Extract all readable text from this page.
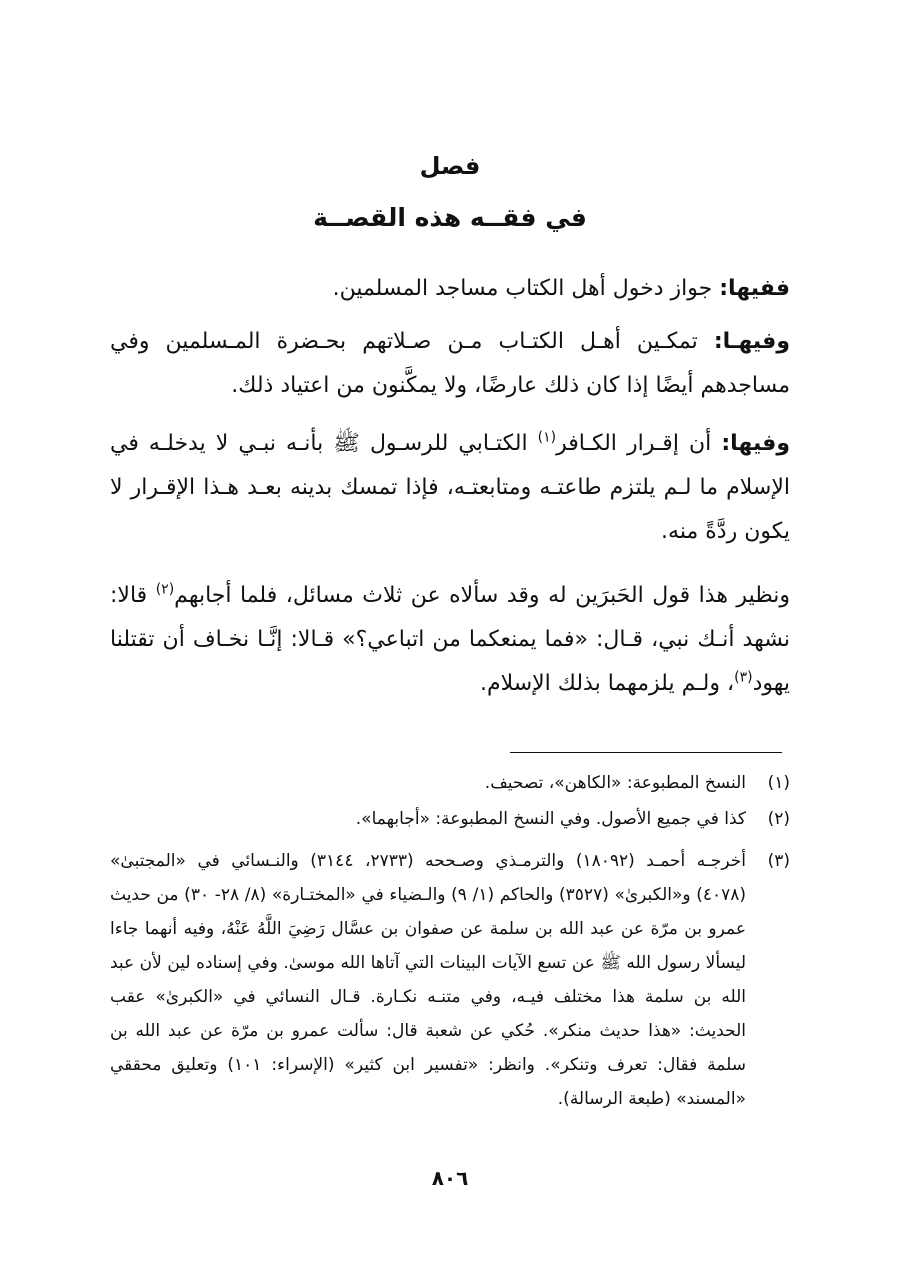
فصل
في فقــه هذه القصــة

ففيها: جواز دخول أهل الكتاب مساجد المسلمين.

وفيهـا: تمكـين أهـل الكتـاب مـن صـلاتهم بحـضرة المـسلمين وفي مساجدهم أيضًا إذا كان ذلك عارضًا، ولا يمكَّنون من اعتياد ذلك.

وفيها: أن إقـرار الكـافر$^{(١)}$ الكتـابي للرسـول ﷺ بأنـه نبـي لا يدخلـه في الإسلام ما لـم يلتزم طاعتـه ومتابعتـه، فإذا تمسك بدينه بعـد هـذا الإقـرار لا يكون ردَّةً منه.

ونظير هذا قول الحَبرَين له وقد سألاه عن ثلاث مسائل، فلما أجابهم$^{(٢)}$ قالا: نشهد أنـك نبي، قـال: «فما يمنعكما من اتباعي؟» قـالا: إنَّـا نخـاف أن تقتلنا يهود$^{(٣)}$، ولـم يلزمهما بذلك الإسلام.

(١)
النسخ المطبوعة: «الكاهن»، تصحيف.
(٢)
كذا في جميع الأصول. وفي النسخ المطبوعة: «أجابهما».
(٣)
أخرجـه أحمـد (١٨٠٩٢) والترمـذي وصـححه (٢٧٣٣، ٣١٤٤) والنـسائي في «المجتبىٰ» (٤٠٧٨) و«الكبرىٰ» (٣٥٢٧) والحاكم (١/ ٩) والـضياء في «المختـارة» (٨/ ٢٨- ٣٠) من حديث عمرو بن مرّة عن عبد الله بن سلمة عن صفوان بن عسَّال رَضِيَ اللَّهُ عَنْهُ، وفيه أنهما جاءا ليسألا رسول الله ﷺ عن تسع الآيات البينات التي آتاها الله موسىٰ. وفي إسناده لين لأن عبد الله بن سلمة هذا مختلف فيـه، وفي متنـه نكـارة. قـال النسائي في «الكبرىٰ» عقب الحديث: «هذا حديث منكر». حُكي عن شعبة قال: سألت عمرو بن مرّة عن عبد الله بن سلمة فقال: تعرف وتنكر». وانظر: «تفسير ابن كثير» (الإسراء: ١٠١) وتعليق محققي «المسند» (طبعة الرسالة).
٨٠٦
